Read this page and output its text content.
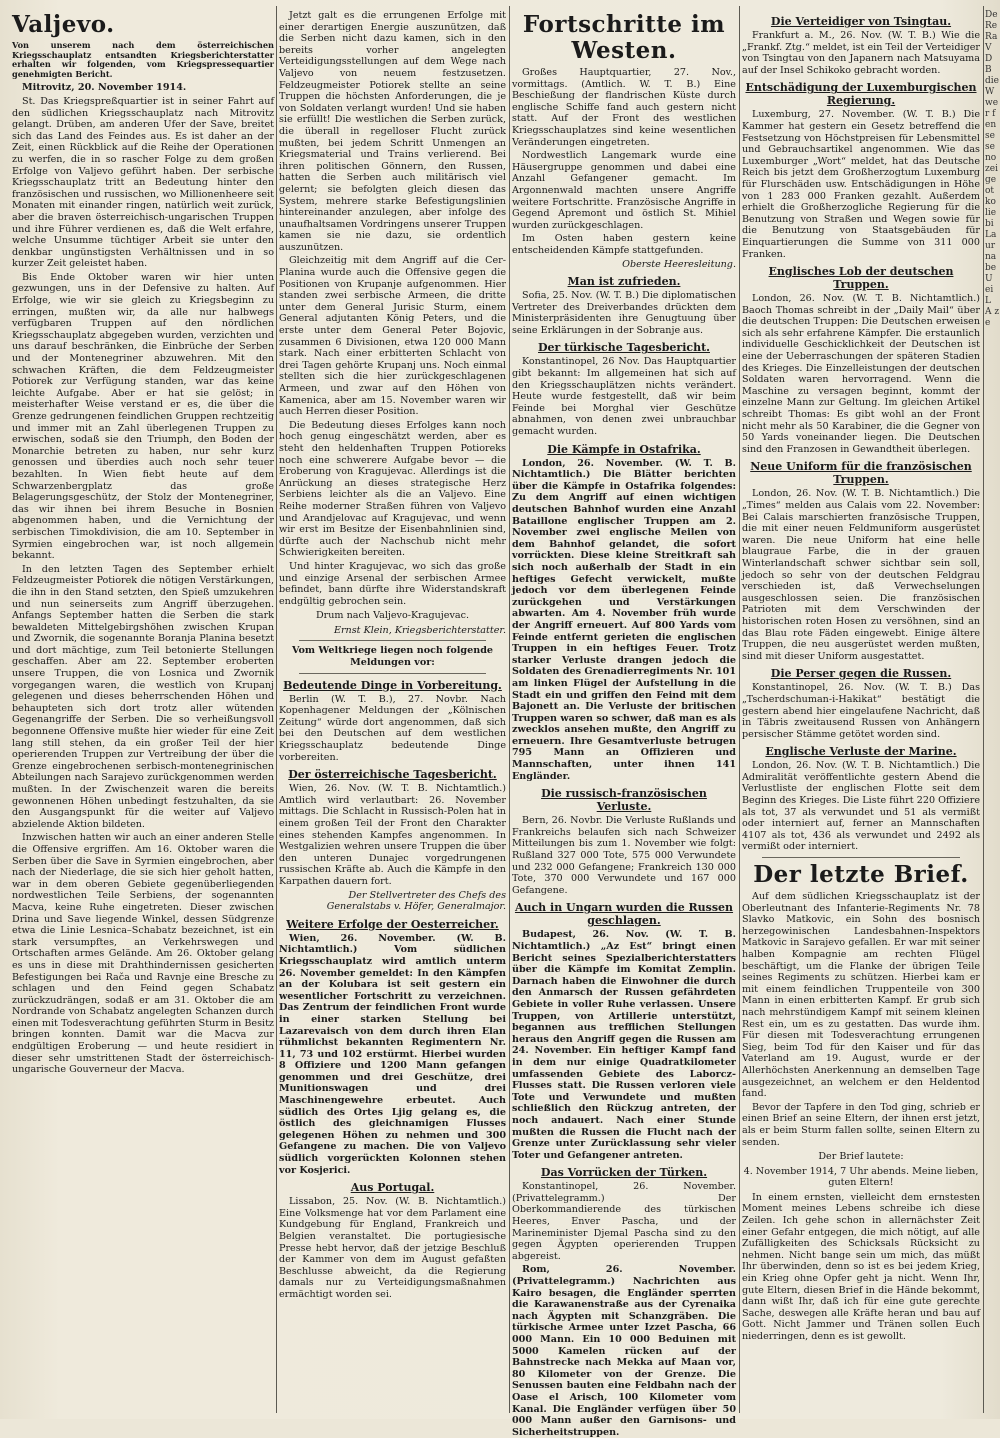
Valjevo.

Von unserem nach dem österreichischen Kriegsschauplatz entsandten Kriegsberichterstatter erhalten wir folgenden, vom Kriegspressequartier genehmigten Bericht.

Mitrovitz, 20. November 1914.

St. Das Kriegspreßquartier ist in seiner Fahrt auf den südlichen Kriegsschauplatz nach Mitrovitz gelangt. Drüben, am anderen Ufer der Save, breitet sich das Land des Feindes aus. Es ist daher an der Zeit, einen Rückblick auf die Reihe der Operationen zu werfen, die in so rascher Folge zu dem großen Erfolge von Valjevo geführt haben. Der serbische Kriegsschauplatz tritt an Bedeutung hinter den französischen und russischen, wo Millionenheere seit Monaten mit einander ringen, natürlich weit zurück, aber die braven österreichisch-ungarischen Truppen und ihre Führer verdienen es, daß die Welt erfahre, welche Unsumme tüchtiger Arbeit sie unter den denkbar ungünstigsten Verhältnissen und in so kurzer Zeit geleistet haben.

Bis Ende Oktober waren wir hier unten gezwungen, uns in der Defensive zu halten. Auf Erfolge, wie wir sie gleich zu Kriegsbeginn zu erringen, mußten wir, da alle nur halbwegs verfügbaren Truppen auf den nördlichen Kriegsschauplatz abgegeben wurden, verzichten und uns darauf beschränken, die Einbrüche der Serben und der Montenegriner abzuwehren. Mit den schwachen Kräften, die dem Feldzeugmeister Potiorek zur Verfügung standen, war das keine leichte Aufgabe. Aber er hat sie gelöst; in meisterhafter Weise verstand er es, die über die Grenze gedrungenen feindlichen Gruppen rechtzeitig und immer mit an Zahl überlegenen Truppen zu erwischen, sodaß sie den Triumph, den Boden der Monarchie betreten zu haben, nur sehr kurz genossen und überdies auch noch sehr teuer bezahlten. In Wien fiebt heute auf dem Schwarzenbergplatz das große Belagerungsgeschütz, der Stolz der Montenegriner, das wir ihnen bei ihrem Besuche in Bosnien abgenommen haben, und die Vernichtung der serbischen Timokdivision, die am 10. September in Syrmien eingebrochen war, ist noch allgemein bekannt.

In den letzten Tagen des September erhielt Feldzeugmeister Potiorek die nötigen Verstärkungen, die ihn in den Stand setzten, den Spieß umzukehren und nun seinerseits zum Angriff überzugehen. Anfangs September hatten die Serben die stark bewaldeten Mittelgebirgshöhen zwischen Krupan und Zwornik, die sogenannte Boranja Planina besetzt und dort mächtige, zum Teil betonierte Stellungen geschaffen. Aber am 22. September eroberten unsere Truppen, die von Losnica und Zwornik vorgegangen waren, die westlich von Krupanj gelegenen und dieses beherrschenden Höhen und behaupteten sich dort trotz aller wütenden Gegenangriffe der Serben. Die so verheißungsvoll begonnene Offensive mußte hier wieder für eine Zeit lang still stehen, da ein großer Teil der hier operierenden Truppen zur Vertreibung der über die Grenze eingebrochenen serbisch-montenegrinischen Abteilungen nach Sarajevo zurückgenommen werden mußten. In der Zwischenzeit waren die bereits gewonnenen Höhen unbedingt festzuhalten, da sie den Ausgangspunkt für die weiter auf Valjevo abzielende Aktion bildeten.

Inzwischen hatten wir auch an einer anderen Stelle die Offensive ergriffen. Am 16. Oktober waren die Serben über die Save in Syrmien eingebrochen, aber nach der Niederlage, die sie sich hier geholt hatten, war in dem oberen Gebiete gegenüberliegenden nordwestlichen Teile Serbiens, der sogenannten Macva, keine Ruhe eingetreten. Dieser zwischen Drina und Save liegende Winkel, dessen Südgrenze etwa die Linie Lesnica–Schabatz bezeichnet, ist ein stark versumpftes, an Verkehrswegen und Ortschaften armes Gelände. Am 26. Oktober gelang es uns in diese mit Drahthindernissen gesicherten Befestigungen bei Rača und Ravnje eine Bresche zu schlagen und den Feind gegen Schabatz zurückzudrängen, sodaß er am 31. Oktober die am Nordrande von Schabatz angelegten Schanzen durch einen mit Todesverachtung geführten Sturm in Besitz bringen konnten. Damit war die Macva zur endgültigen Eroberung — und heute residiert in dieser sehr umstrittenen Stadt der österreichisch-ungarische Gouverneur der Macva.

Jetzt galt es die errungenen Erfolge mit einer derartigen Energie auszunützen, daß die Serben nicht dazu kamen, sich in den bereits vorher angelegten Verteidigungsstellungen auf dem Wege nach Valjevo von neuem festzusetzen. Feldzeugmeister Potiorek stellte an seine Truppen die höchsten Anforderungen, die je von Soldaten verlangt wurden! Und sie haben sie erfüllt! Die westlichen die Serben zurück, die überall in regelloser Flucht zurück mußten, bei jedem Schritt Unmengen an Kriegsmaterial und Trains verlierend. Bei ihren politischen Gönnern, den Russen, hatten die Serben auch militärisch viel gelernt; sie befolgten gleich diesen das System, mehrere starke Befestigungslinien hintereinander anzulegen, aber infolge des unaufhaltsamen Vordringens unserer Truppen kamen sie nie dazu, sie ordentlich auszunützen.

Gleichzeitig mit dem Angriff auf die Cer-Planina wurde auch die Offensive gegen die Positionen von Krupanje aufgenommen. Hier standen zwei serbische Armeen, die dritte unter dem General Jurisic Sturm, einem General adjutanten König Peters, und die erste unter dem General Peter Bojovic, zusammen 6 Divisionen, etwa 120 000 Mann stark. Nach einer erbitterten Schlacht von drei Tagen gehörte Krupanj uns. Noch einmal stellten sich die hier zurückgeschlagenen Armeen, und zwar auf den Höhen von Kamenica, aber am 15. November waren wir auch Herren dieser Position.

Die Bedeutung dieses Erfolges kann noch hoch genug eingeschätzt werden, aber es steht den heldenhaften Truppen Potioreks noch eine schwerere Aufgabe bevor — die Eroberung von Kragujevac. Allerdings ist die Anrückung an dieses strategische Herz Serbiens leichter als die an Valjevo. Eine Reihe moderner Straßen führen von Valjevo und Arandjelovac auf Kragujevac, und wenn wir erst im Besitze der Eisenbahnlinien sind, dürfte auch der Nachschub nicht mehr Schwierigkeiten bereiten.

Und hinter Kragujevac, wo sich das große und einzige Arsenal der serbischen Armee befindet, bann dürfte ihre Widerstandskraft endgültig gebrochen sein.

Drum nach Valjevo-Kragujevac.

Ernst Klein, Kriegsberichterstatter.

Vom Weltkriege liegen noch folgende Meldungen vor:

Bedeutende Dinge in Vorbereitung.

Berlin (W. T. B.), 27. Novbr. Nach Kopenhagener Meldungen der „Kölnischen Zeitung“ würde dort angenommen, daß sich bei den Deutschen auf dem westlichen Kriegsschauplatz bedeutende Dinge vorbereiten.

Der österreichische Tagesbericht.

Wien, 26. Nov. (W. T. B. Nichtamtlich.) Amtlich wird verlautbart: 26. November mittags. Die Schlacht in Russisch-Polen hat in einem großen Teil der Front den Charakter eines stehenden Kampfes angenommen. In Westgalizien wehren unsere Truppen die über den unteren Dunajec vorgedrungenen russischen Kräfte ab. Auch die Kämpfe in den Karpathen dauern fort.

Der Stellvertreter des Chefs des Generalstabs v. Höfer, Generalmajor.

Weitere Erfolge der Oesterreicher.

Wien, 26. November. (W. B. Nichtamtlich.) Vom südlichen Kriegsschauplatz wird amtlich unterm 26. November gemeldet: In den Kämpfen an der Kolubara ist seit gestern ein wesentlicher Fortschritt zu verzeichnen. Das Zentrum der feindlichen Front wurde in einer starken Stellung bei Lazarevaisch von dem durch ihren Elan rühmlichst bekannten Regimentern Nr. 11, 73 und 102 erstürmt. Hierbei wurden 8 Offiziere und 1200 Mann gefangen genommen und drei Geschütze, drei Munitionswagen und drei Maschinengewehre erbeutet. Auch südlich des Ortes Ljig gelang es, die östlich des gleichnamigen Flusses gelegenen Höhen zu nehmen und 300 Gefangene zu machen. Die von Valjevo südlich vorgerückten Kolonnen stehen vor Kosjerici.

Aus Portugal.

Lissabon, 25. Nov. (W. B. Nichtamtlich.) Eine Volksmenge hat vor dem Parlament eine Kundgebung für England, Frankreich und Belgien veranstaltet. Die portugiesische Presse hebt hervor, daß der jetzige Beschluß der Kammer von dem im August gefaßten Beschlusse abweicht, da die Regierung damals nur zu Verteidigungsmaßnahmen ermächtigt worden sei.

Fortschritte im Westen.

Großes Hauptquartier, 27. Nov., vormittags. (Amtlich. W. T. B.) Eine Beschießung der flandrischen Küste durch englische Schiffe fand auch gestern nicht statt. Auf der Front des westlichen Kriegsschauplatzes sind keine wesentlichen Veränderungen eingetreten.

Nordwestlich Langemark wurde eine Häusergruppe genommen und dabei eine Anzahl Gefangener gemacht. Im Argonnenwald machten unsere Angriffe weitere Fortschritte. Französische Angriffe in Gegend Apremont und östlich St. Mihiel wurden zurückgeschlagen.

Im Osten haben gestern keine entscheidenden Kämpfe stattgefunden.

Oberste Heeresleitung.

Man ist zufrieden.

Sofia, 25. Nov. (W. T. B.) Die diplomatischen Vertreter des Dreiverbandes drückten dem Ministerpräsidenten ihre Genugtuung über seine Erklärungen in der Sobranje aus.

Der türkische Tagesbericht.

Konstantinopel, 26 Nov. Das Hauptquartier gibt bekannt: Im allgemeinen hat sich auf den Kriegsschauplätzen nichts verändert. Heute wurde festgestellt, daß wir beim Feinde bei Morghal vier Geschütze abnahmen, von denen zwei unbrauchbar gemacht wurden.

Die Kämpfe in Ostafrika.

London, 26. November. (W. T. B. Nichtamtlich.) Die Blätter berichten über die Kämpfe in Ostafrika folgendes: Zu dem Angriff auf einen wichtigen deutschen Bahnhof wurden eine Anzahl Bataillone englischer Truppen am 2. November zwei englische Meilen von dem Bahnhof gelandet, die sofort vorrückten. Diese kleine Streitkraft sah sich noch außerhalb der Stadt in ein heftiges Gefecht verwickelt, mußte jedoch vor dem überlegenen Feinde zurückgehen und Verstärkungen abwarten. Am 4. November früh wurde der Angriff erneuert. Auf 800 Yards vom Feinde entfernt gerieten die englischen Truppen in ein heftiges Feuer. Trotz starker Verluste drangen jedoch die Soldaten des Grenadierregiments Nr. 101 am linken Flügel der Aufstellung in die Stadt ein und griffen den Feind mit dem Bajonett an. Die Verluste der britischen Truppen waren so schwer, daß man es als zwecklos ansehen mußte, den Angriff zu erneuern. Ihre Gesamtverluste betrugen 795 Mann an Offizieren und Mannschaften, unter ihnen 141 Engländer.

Die russisch-französischen Verluste.

Bern, 26. Novbr. Die Verluste Rußlands und Frankreichs belaufen sich nach Schweizer Mitteilungen bis zum 1. November wie folgt: Rußland 327 000 Tote, 575 000 Verwundete und 232 000 Gefangene; Frankreich 130 000 Tote, 370 000 Verwundete und 167 000 Gefangene.

Auch in Ungarn wurden die Russen geschlagen.

Budapest, 26. Nov. (W. T. B. Nichtamtlich.) „Az Est“ bringt einen Bericht seines Spezialberichterstatters über die Kämpfe im Komitat Zemplin. Darnach haben die Einwohner die durch den Anmarsch der Russen gefährdeten Gebiete in voller Ruhe verlassen. Unsere Truppen, von Artillerie unterstützt, begannen aus trefflichen Stellungen heraus den Angriff gegen die Russen am 24. November. Ein heftiger Kampf fand in dem nur einige Quadratkilometer umfassenden Gebiete des Laborcz-Flusses statt. Die Russen verloren viele Tote und Verwundete und mußten schließlich den Rückzug antreten, der noch andauert. Nach einer Stunde mußten die Russen die Flucht nach der Grenze unter Zurücklassung sehr vieler Toter und Gefangener antreten.

Das Vorrücken der Türken.

Konstantinopel, 26. November. (Privattelegramm.) Der Oberkommandierende des türkischen Heeres, Enver Pascha, und der Marineminister Djemal Pascha sind zu den gegen Ägypten operierenden Truppen abgereist.

Rom, 26. November. (Privattelegramm.) Nachrichten aus Kairo besagen, die Engländer sperrten die Karawanenstraße aus der Cyrenaika nach Ägypten mit Schanzgräben. Die türkische Armee unter Izzet Pascha, 66 000 Mann. Ein 10 000 Beduinen mit 5000 Kamelen rücken auf der Bahnstrecke nach Mekka auf Maan vor, 80 Kilometer von der Grenze. Die Senussen bauten eine Feldbahn nach der Oase el Arisch, 100 Kilometer vom Kanal. Die Engländer verfügen über 50 000 Mann außer den Garnisons- und Sicherheitstruppen.

Die Verteidiger von Tsingtau.

Frankfurt a. M., 26. Nov. (W. T. B.) Wie die „Frankf. Ztg.“ meldet, ist ein Teil der Verteidiger von Tsingtau von den Japanern nach Matsuyama auf der Insel Schikoko gebracht worden.

Entschädigung der Luxemburgischen Regierung.

Luxemburg, 27. November. (W. T. B.) Die Kammer hat gestern ein Gesetz betreffend die Festsetzung von Höchstpreisen für Lebensmittel und Gebrauchsartikel angenommen. Wie das Luxemburger „Wort“ meldet, hat das Deutsche Reich bis jetzt dem Großherzogtum Luxemburg für Flurschäden usw. Entschädigungen in Höhe von 1 283 000 Franken gezahlt. Außerdem erhielt die Großherzogliche Regierung für die Benutzung von Straßen und Wegen sowie für die Benutzung von Staatsgebäuden für Einquartierungen die Summe von 311 000 Franken.

Englisches Lob der deutschen Truppen.

London, 26. Nov. (W. T. B. Nichtamtlich.) Baoch Thomas schreibt in der „Daily Mail“ über die deutschen Truppen: Die Deutschen erweisen sich als sehr erfahrene Kämpfer. Die erstaunlich individuelle Geschicklichkeit der Deutschen ist eine der Ueberraschungen der späteren Stadien des Krieges. Die Einzelleistungen der deutschen Soldaten waren hervorragend. Wenn die Maschine zu versagen beginnt, kommt der einzelne Mann zur Geltung. Im gleichen Artikel schreibt Thomas: Es gibt wohl an der Front nicht mehr als 50 Karabiner, die die Gegner von 50 Yards voneinander liegen. Die Deutschen sind den Franzosen in Gewandtheit überlegen.

Neue Uniform für die französischen Truppen.

London, 26. Nov. (W. T. B. Nichtamtlich.) Die „Times“ melden aus Calais vom 22. November: Bei Calais marschierten französische Truppen, die mit einer neuen Feldmuniform ausgerüstet waren. Die neue Uniform hat eine helle blaugraue Farbe, die in der grauen Winterlandschaft schwer sichtbar sein soll, jedoch so sehr von der deutschen Feldgrau verschieden ist, daß Verwechselungen ausgeschlossen seien. Die französischen Patrioten mit dem Verschwinden der historischen roten Hosen zu versöhnen, sind an das Blau rote Fäden eingewebt. Einige ältere Truppen, die neu ausgerüstet werden mußten, sind mit dieser Uniform ausgestattet.

Die Perser gegen die Russen.

Konstantinopel, 26. Nov. (W. T. B.) Das „Tscherdschuman-i-Hakikat“ bestätigt die gestern abend hier eingelaufene Nachricht, daß in Täbris zweitausend Russen von Anhängern persischer Stämme getötet worden sind.

Englische Verluste der Marine.

London, 26. Nov. (W. T. B. Nichtamtlich.) Die Admiralität veröffentlichte gestern Abend die Verlustliste der englischen Flotte seit dem Beginn des Krieges. Die Liste führt 220 Offiziere als tot, 37 als verwundet und 51 als vermißt oder interniert auf, ferner an Mannschaften 4107 als tot, 436 als verwundet und 2492 als vermißt oder interniert.

Der letzte Brief.

Auf dem südlichen Kriegsschauplatz ist der Oberleutnant des Infanterie-Regiments Nr. 78 Slavko Matkovic, ein Sohn des bosnisch herzegowinischen Landesbahnen-Inspektors Matkovic in Sarajevo gefallen. Er war mit seiner halben Kompagnie am rechten Flügel beschäftigt, um die Flanke der übrigen Teile seines Regiments zu schützen. Hierbei kam er mit einem feindlichen Truppenteile von 300 Mann in einen erbitterten Kampf. Er grub sich nach mehrstündigem Kampf mit seinem kleinen Rest ein, um es zu gestatten. Das wurde ihm. Für diesen mit Todesverachtung errungenen Sieg, beim Tod für den Kaiser und für das Vaterland am 19. August, wurde er der Allerhöchsten Anerkennung an demselben Tage ausgezeichnet, an welchem er den Heldentod fand.

Bevor der Tapfere in den Tod ging, schrieb er einen Brief an seine Eltern, der ihnen erst jetzt, als er beim Sturm fallen sollte, seinen Eltern zu senden.

Der Brief lautete:

4. November 1914, 7 Uhr abends. Meine lieben, guten Eltern!

In einem ernsten, vielleicht dem ernstesten Moment meines Lebens schreibe ich diese Zeilen. Ich gehe schon in allernächster Zeit einer Gefahr entgegen, die mich nötigt, auf alle Zufälligkeiten des Schicksals Rücksicht zu nehmen. Nicht bange sein um mich, das müßt Ihr überwinden, denn so ist es bei jedem Krieg, ein Krieg ohne Opfer geht ja nicht. Wenn Ihr, gute Eltern, diesen Brief in die Hände bekommt, dann wißt Ihr, daß ich für eine gute gerechte Sache, deswegen alle Kräfte heran und bau auf Gott. Nicht Jammer und Tränen sollen Euch niederringen, denn es ist gewollt.

De Re Ra V D B die W wer fen se se no zei ge ot ko lie bi La ur na be U ei L A ze
